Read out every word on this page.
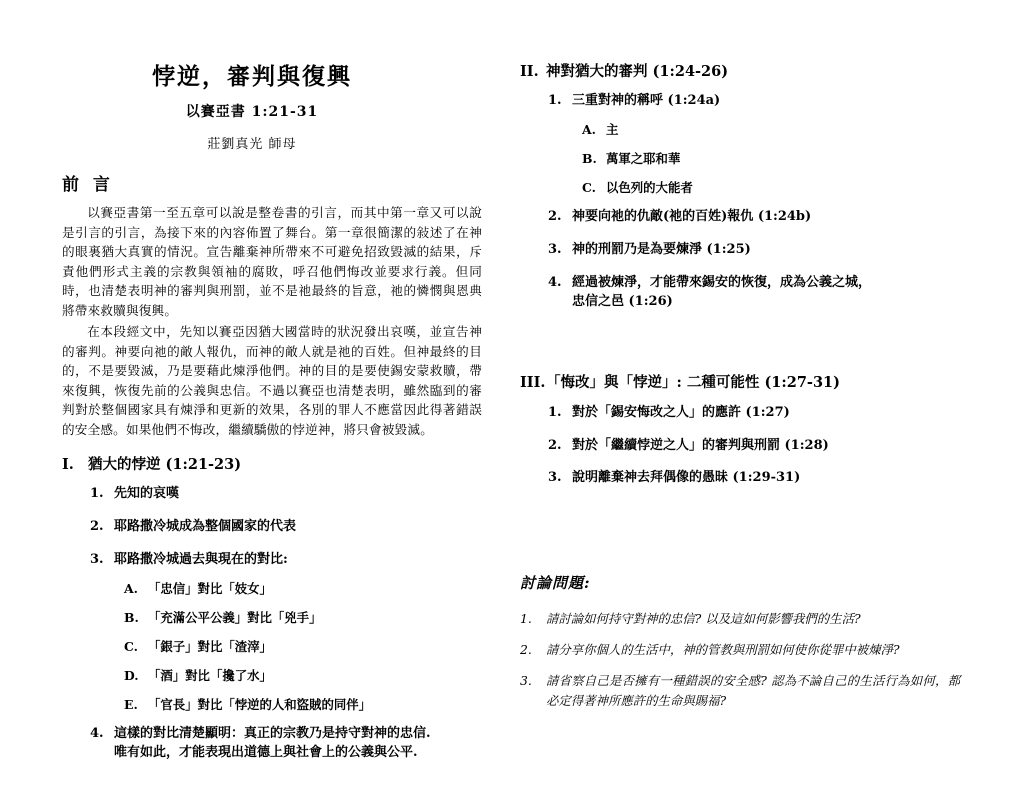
悖逆，審判與復興
以賽亞書 1:21-31
莊劉真光 師母
前 言

以賽亞書第一至五章可以說是整卷書的引言，而其中第一章又可以說是引言的引言，為接下來的內容佈置了舞台。第一章很簡潔的敍述了在神的眼裏猶大真實的情況。宣告離棄神所帶來不可避免招致毀滅的結果，斥責他們形式主義的宗教與領袖的腐敗，呼召他們悔改並要求行義。但同時，也清楚表明神的審判與刑罰，並不是祂最終的旨意，祂的憐憫與恩典將帶來救贖與復興。

在本段經文中，先知以賽亞因猶大國當時的狀況發出哀嘆，並宣告神的審判。神要向祂的敵人報仇，而神的敵人就是祂的百姓。但神最終的目的，不是要毀滅，乃是要藉此煉淨他們。神的目的是要使錫安蒙救贖，帶來復興，恢復先前的公義與忠信。不過以賽亞也清楚表明，雖然臨到的審判對於整個國家具有煉淨和更新的效果，各別的罪人不應當因此得著錯誤的安全感。如果他們不悔改，繼續驕傲的悖逆神，將只會被毀滅。

I. 猶大的悖逆 (1:21-23)
1. 先知的哀嘆
2. 耶路撒冷城成為整個國家的代表
3. 耶路撒冷城過去與現在的對比:
A. 「忠信」對比「妓女」
B. 「充滿公平公義」對比「兇手」
C. 「銀子」對比「渣滓」
D. 「酒」對比「攙了水」
E. 「官長」對比「悖逆的人和盜賊的同伴」
4. 這樣的對比清楚顯明：真正的宗教乃是持守對神的忠信.
唯有如此，才能表現出道德上與社會上的公義與公平.
II. 神對猶大的審判 (1:24-26)
1. 三重對神的稱呼 (1:24a)
A. 主
B. 萬軍之耶和華
C. 以色列的大能者
2. 神要向祂的仇敵(祂的百姓)報仇 (1:24b)
3. 神的刑罰乃是為要煉淨 (1:25)
4. 經過被煉淨，才能帶來錫安的恢復，成為公義之城，
忠信之邑 (1:26)
III.「悔改」與「悖逆」: 二種可能性 (1:27-31)
1. 對於「錫安悔改之人」的應許 (1:27)
2. 對於「繼續悖逆之人」的審判與刑罰 (1:28)
3. 說明離棄神去拜偶像的愚昧 (1:29-31)
討論問題:
1. 請討論如何持守對神的忠信? 以及這如何影響我們的生活?
2. 請分享你個人的生活中，神的管教與刑罰如何使你從罪中被煉淨?
3. 請省察自己是否擁有一種錯誤的安全感? 認為不論自己的生活行為如何，都必定得著神所應許的生命與賜福?
